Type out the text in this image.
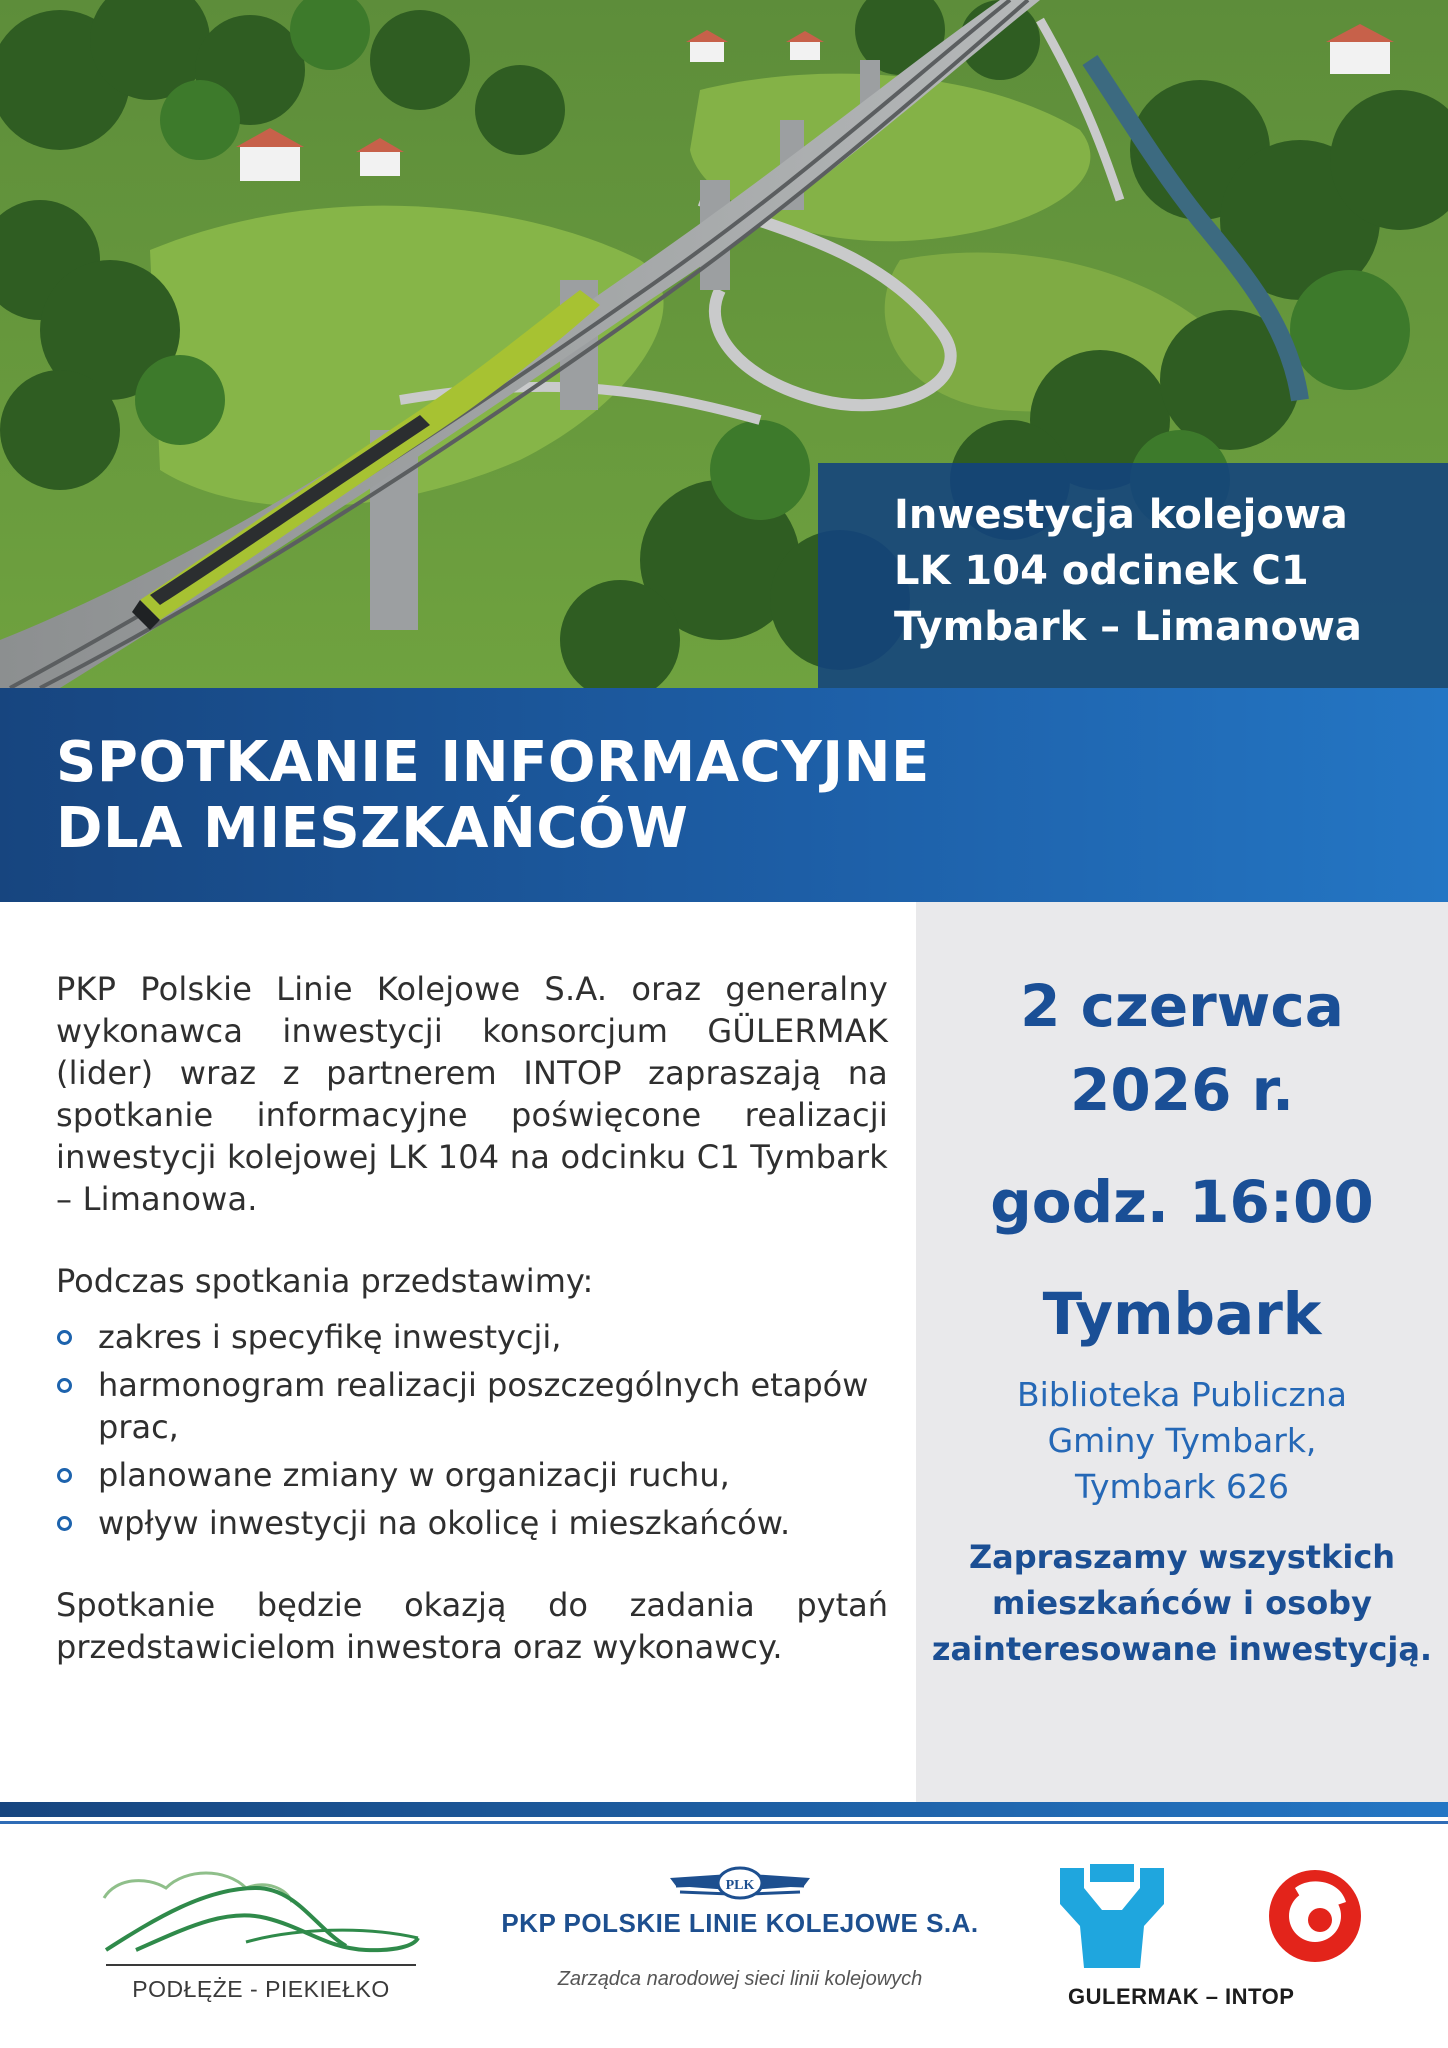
Inwestycja kolejowa
LK 104 odcinek C1
Tymbark – Limanowa
SPOTKANIE INFORMACYJNE
DLA MIESZKAŃCÓW

PKP Polskie Linie Kolejowe S.A. oraz generalny wykonawca inwestycji konsorcjum GÜLERMAK (lider) wraz z partnerem INTOP zapraszają na spotkanie informacyjne poświęcone realizacji inwestycji kolejowej LK 104 na odcinku C1 Tymbark – Limanowa.

Podczas spotkania przedstawimy:

zakres i specyfikę inwestycji,
harmonogram realizacji poszczególnych etapów prac,
planowane zmiany w organizacji ruchu,
wpływ inwestycji na okolicę i mieszkańców.

Spotkanie będzie okazją do zadania pytań przedstawicielom inwestora oraz wykonawcy.

2 czerwca
2026 r.
godz. 16:00
Tymbark
Biblioteka Publiczna
Gminy Tymbark,
Tymbark 626
Zapraszamy wszystkich
mieszkańców i osoby
zainteresowane inwestycją.
PODŁĘŻE - PIEKIEŁKO
PLK
PKP POLSKIE LINIE KOLEJOWE S.A.
Zarządca narodowej sieci linii kolejowych
GULERMAK – INTOP
